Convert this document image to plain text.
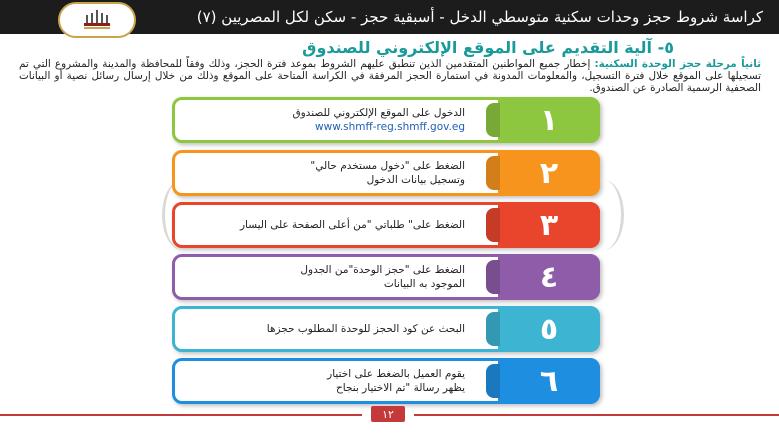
كراسة شروط حجز وحدات سكنية متوسطي الدخل - أسبقية حجز - سكن لكل المصريين (٧)
٥- آلية التقديم على الموقع الإلكتروني للصندوق
ثانياً مرحلة حجز الوحدة السكنية: إخطار جميع المواطنين المتقدمين الذين تنطبق عليهم الشروط بموعد فترة الحجز، وذلك وفقاً للمحافظة والمدينة والمشروع التي تم تسجيلها على الموقع خلال فترة التسجيل، والمعلومات المدونة في استمارة الحجز المرفقة في الكراسة المتاحة على الموقع وذلك من خلال إرسال رسائل نصية أو البيانات الصحفية الرسمية الصادرة عن الصندوق.
الدخول على الموقع الإلكتروني للصندوق
www.shmff-reg.shmff.gov.eg	١
الضغط على "دخول مستخدم حالي"
وتسجيل بيانات الدخول	٢
الضغط على" طلباتي "من أعلى الصفحة على اليسار	٣
الضغط على "حجز الوحدة"من الجدول
الموجود به البيانات	٤
البحث عن كود الحجز للوحدة المطلوب حجزها	٥
يقوم العميل بالضغط على اختيار
يظهر رسالة "تم الاختيار بنجاح	٦
١٢
